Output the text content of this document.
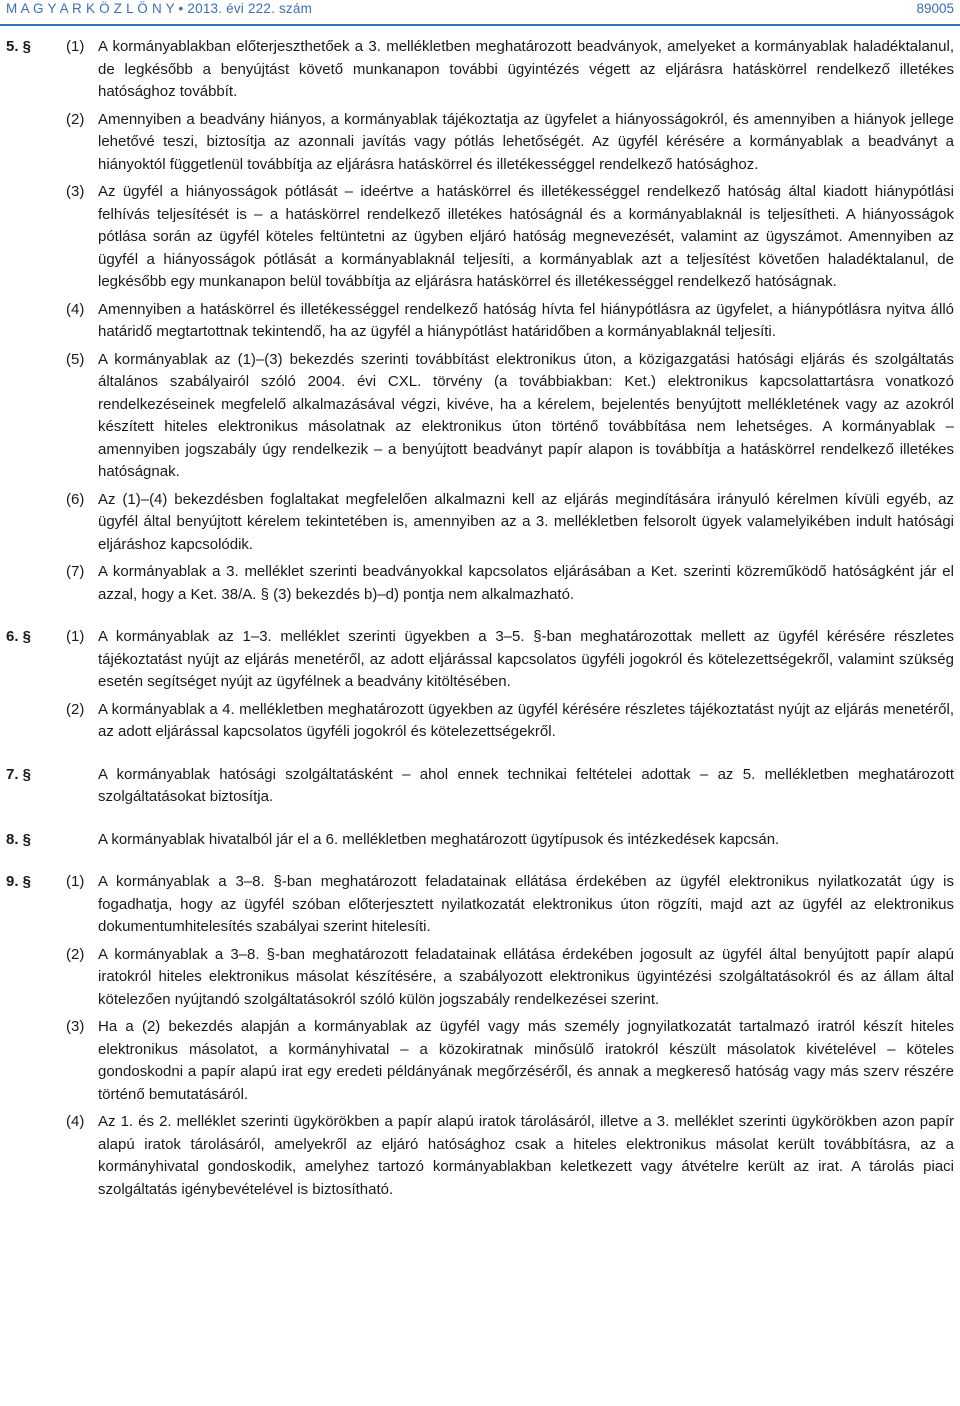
M A G Y A R K Ö Z L Ö N Y • 2013. évi 222. szám	89005
5. § (1) A kormányablakban előterjeszthetőek a 3. mellékletben meghatározott beadványok, amelyeket a kormányablak haladéktalanul, de legkésőbb a benyújtást követő munkanapon további ügyintézés végett az eljárásra hatáskörrel rendelkező illetékes hatósághoz továbbít.
(2) Amennyiben a beadvány hiányos, a kormányablak tájékoztatja az ügyfelet a hiányosságokról, és amennyiben a hiányok jellege lehetővé teszi, biztosítja az azonnali javítás vagy pótlás lehetőségét. Az ügyfél kérésére a kormányablak a beadványt a hiányoktól függetlenül továbbítja az eljárásra hatáskörrel és illetékességgel rendelkező hatósághoz.
(3) Az ügyfél a hiányosságok pótlását – ideértve a hatáskörrel és illetékességgel rendelkező hatóság által kiadott hiánypótlási felhívás teljesítését is – a hatáskörrel rendelkező illetékes hatóságnál és a kormányablaknál is teljesítheti. A hiányosságok pótlása során az ügyfél köteles feltüntetni az ügyben eljáró hatóság megnevezését, valamint az ügyszámot. Amennyiben az ügyfél a hiányosságok pótlását a kormányablaknál teljesíti, a kormányablak azt a teljesítést követően haladéktalanul, de legkésőbb egy munkanapon belül továbbítja az eljárásra hatáskörrel és illetékességgel rendelkező hatóságnak.
(4) Amennyiben a hatáskörrel és illetékességgel rendelkező hatóság hívta fel hiánypótlásra az ügyfelet, a hiánypótlásra nyitva álló határidő megtartottnak tekintendő, ha az ügyfél a hiánypótlást határidőben a kormányablaknál teljesíti.
(5) A kormányablak az (1)–(3) bekezdés szerinti továbbítást elektronikus úton, a közigazgatási hatósági eljárás és szolgáltatás általános szabályairól szóló 2004. évi CXL. törvény (a továbbiakban: Ket.) elektronikus kapcsolattartásra vonatkozó rendelkezéseinek megfelelő alkalmazásával végzi, kivéve, ha a kérelem, bejelentés benyújtott mellékletének vagy az azokról készített hiteles elektronikus másolatnak az elektronikus úton történő továbbítása nem lehetséges. A kormányablak – amennyiben jogszabály úgy rendelkezik – a benyújtott beadványt papír alapon is továbbítja a hatáskörrel rendelkező illetékes hatóságnak.
(6) Az (1)–(4) bekezdésben foglaltakat megfelelően alkalmazni kell az eljárás megindítására irányuló kérelmen kívüli egyéb, az ügyfél által benyújtott kérelem tekintetében is, amennyiben az a 3. mellékletben felsorolt ügyek valamelyikében indult hatósági eljáráshoz kapcsolódik.
(7) A kormányablak a 3. melléklet szerinti beadványokkal kapcsolatos eljárásában a Ket. szerinti közreműködő hatóságként jár el azzal, hogy a Ket. 38/A. § (3) bekezdés b)–d) pontja nem alkalmazható.
6. § (1) A kormányablak az 1–3. melléklet szerinti ügyekben a 3–5. §-ban meghatározottak mellett az ügyfél kérésére részletes tájékoztatást nyújt az eljárás menetéről, az adott eljárással kapcsolatos ügyféli jogokról és kötelezettségekről, valamint szükség esetén segítséget nyújt az ügyfélnek a beadvány kitöltésében.
(2) A kormányablak a 4. mellékletben meghatározott ügyekben az ügyfél kérésére részletes tájékoztatást nyújt az eljárás menetéről, az adott eljárással kapcsolatos ügyféli jogokról és kötelezettségekről.
7. §	A kormányablak hatósági szolgáltatásként – ahol ennek technikai feltételei adottak – az 5. mellékletben meghatározott szolgáltatásokat biztosítja.
8. §	A kormányablak hivatalból jár el a 6. mellékletben meghatározott ügytípusok és intézkedések kapcsán.
9. § (1) A kormányablak a 3–8. §-ban meghatározott feladatainak ellátása érdekében az ügyfél elektronikus nyilatkozatát úgy is fogadhatja, hogy az ügyfél szóban előterjesztett nyilatkozatát elektronikus úton rögzíti, majd azt az ügyfél az elektronikus dokumentumhitelesítés szabályai szerint hitelesíti.
(2) A kormányablak a 3–8. §-ban meghatározott feladatainak ellátása érdekében jogosult az ügyfél által benyújtott papír alapú iratokról hiteles elektronikus másolat készítésére, a szabályozott elektronikus ügyintézési szolgáltatásokról és az állam által kötelezően nyújtandó szolgáltatásokról szóló külön jogszabály rendelkezései szerint.
(3) Ha a (2) bekezdés alapján a kormányablak az ügyfél vagy más személy jognyilatkozatát tartalmazó iratról készít hiteles elektronikus másolatot, a kormányhivatal – a közokiratnak minősülő iratokról készült másolatok kivételével – köteles gondoskodni a papír alapú irat egy eredeti példányának megőrzéséről, és annak a megkereső hatóság vagy más szerv részére történő bemutatásáról.
(4) Az 1. és 2. melléklet szerinti ügykörökben a papír alapú iratok tárolásáról, illetve a 3. melléklet szerinti ügykörökben azon papír alapú iratok tárolásáról, amelyekről az eljáró hatósághoz csak a hiteles elektronikus másolat került továbbításra, az a kormányhivatal gondoskodik, amelyhez tartozó kormányablakban keletkezett vagy átvételre került az irat. A tárolás piaci szolgáltatás igénybevételével is biztosítható.
